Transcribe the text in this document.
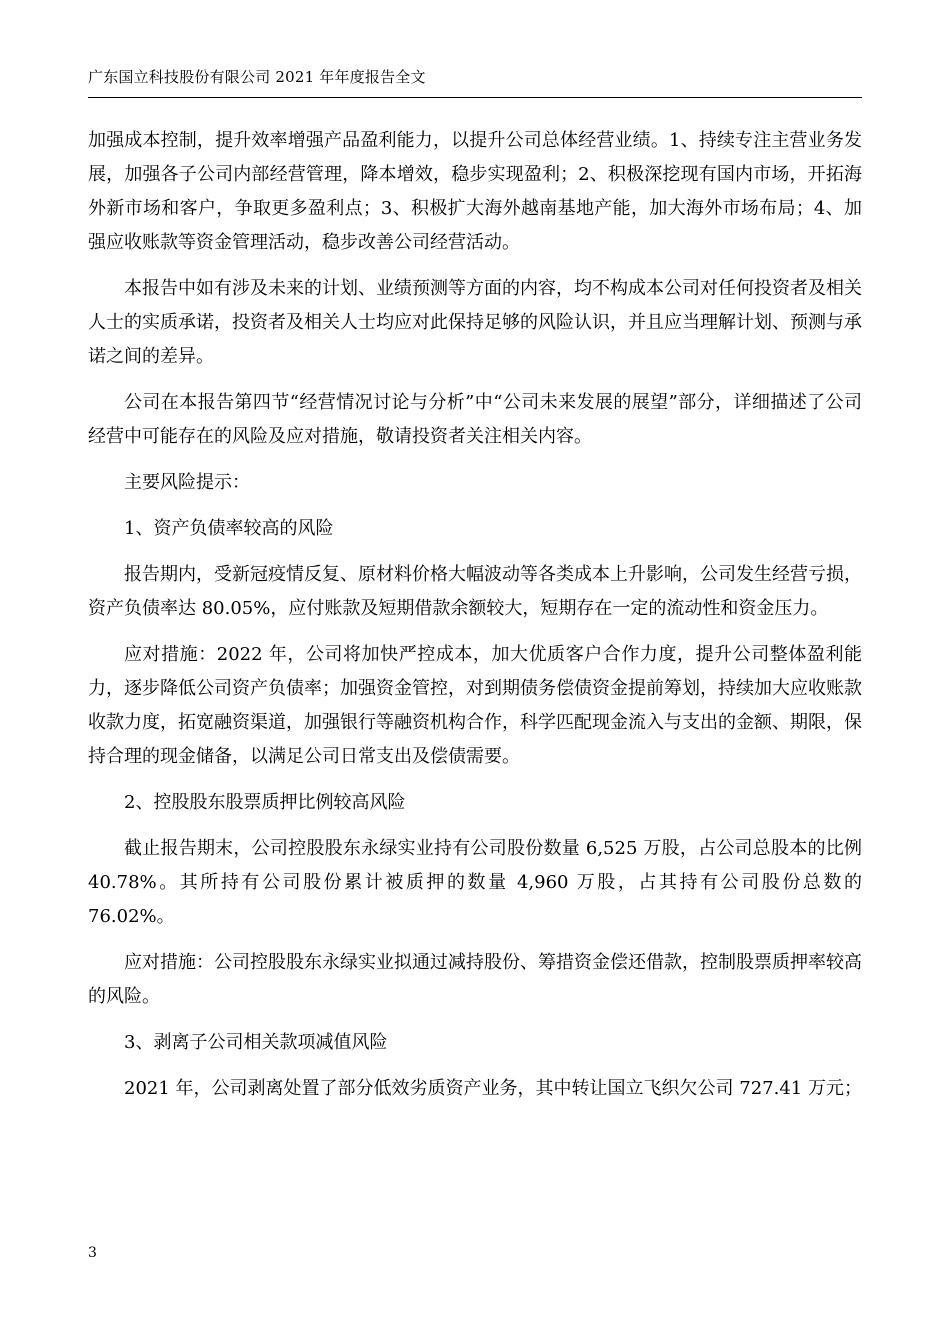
广东国立科技股份有限公司 2021 年年度报告全文

加强成本控制，提升效率增强产品盈利能力，以提升公司总体经营业绩。1、持续专注主营业务发展，加强各子公司内部经营管理，降本增效，稳步实现盈利；2、积极深挖现有国内市场，开拓海外新市场和客户，争取更多盈利点；3、积极扩大海外越南基地产能，加大海外市场布局；4、加强应收账款等资金管理活动，稳步改善公司经营活动。

本报告中如有涉及未来的计划、业绩预测等方面的内容，均不构成本公司对任何投资者及相关人士的实质承诺，投资者及相关人士均应对此保持足够的风险认识，并且应当理解计划、预测与承诺之间的差异。

公司在本报告第四节“经营情况讨论与分析”中“公司未来发展的展望”部分，详细描述了公司经营中可能存在的风险及应对措施，敬请投资者关注相关内容。

主要风险提示：

1、资产负债率较高的风险

报告期内，受新冠疫情反复、原材料价格大幅波动等各类成本上升影响，公司发生经营亏损，资产负债率达 80.05%，应付账款及短期借款余额较大，短期存在一定的流动性和资金压力。

应对措施：2022 年，公司将加快严控成本，加大优质客户合作力度，提升公司整体盈利能力，逐步降低公司资产负债率；加强资金管控，对到期债务偿债资金提前筹划，持续加大应收账款收款力度，拓宽融资渠道，加强银行等融资机构合作，科学匹配现金流入与支出的金额、期限，保持合理的现金储备，以满足公司日常支出及偿债需要。

2、控股股东股票质押比例较高风险

截止报告期末，公司控股股东永绿实业持有公司股份数量 6,525 万股，占公司总股本的比例 40.78%。其所持有公司股份累计被质押的数量 4,960 万股，占其持有公司股份总数的 76.02%。

应对措施：公司控股股东永绿实业拟通过减持股份、筹措资金偿还借款，控制股票质押率较高的风险。

3、剥离子公司相关款项减值风险

2021 年，公司剥离处置了部分低效劣质资产业务，其中转让国立飞织欠公司 727.41 万元；

3
